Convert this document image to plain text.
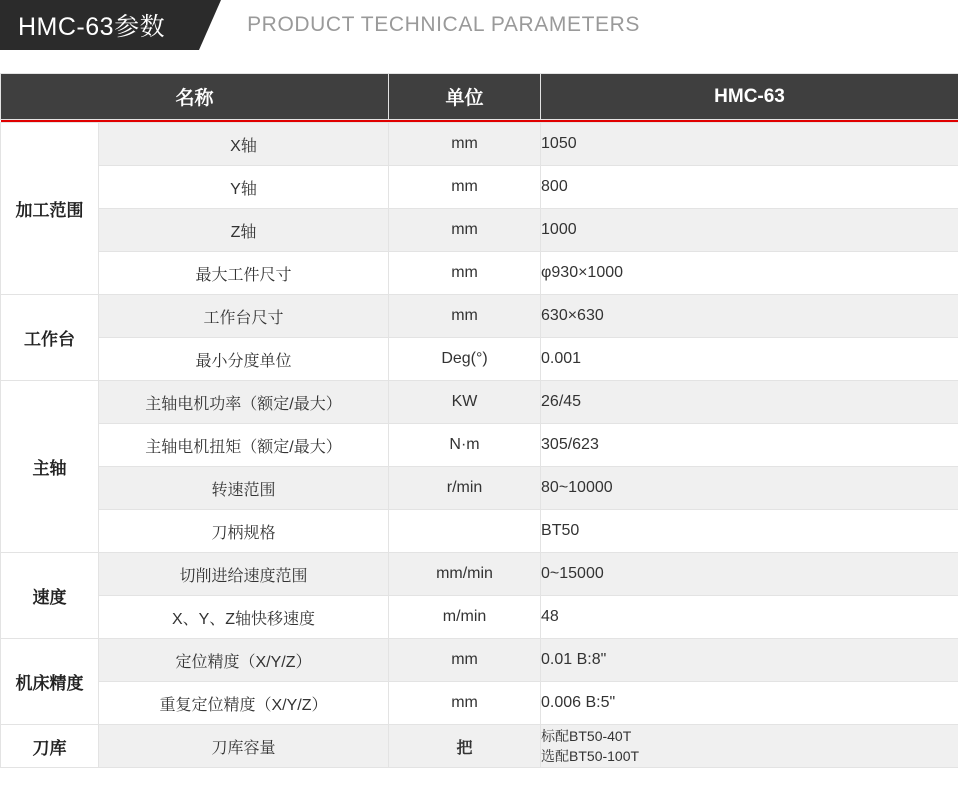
HMC-63参数	PRODUCT TECHNICAL PARAMETERS
名称		单位	HMC-63

加工范围	X轴	mm	1050
	Y轴	mm	800
	Z轴	mm	1000
	最大工件尺寸	mm	φ930×1000
工作台	工作台尺寸	mm	630×630
	最小分度单位	Deg(°)	0.001
主轴	主轴电机功率（额定/最大）	KW	26/45
	主轴电机扭矩（额定/最大）	N·m	305/623
	转速范围	r/min	80~10000
	刀柄规格		BT50
速度	切削进给速度范围	mm/min	0~15000
	X、Y、Z轴快移速度	m/min	48
机床精度	定位精度（X/Y/Z）	mm	0.01 B:8"
	重复定位精度（X/Y/Z）	mm	0.006 B:5"
刀库	刀库容量	把	标配BT50-40T
选配BT50-100T
